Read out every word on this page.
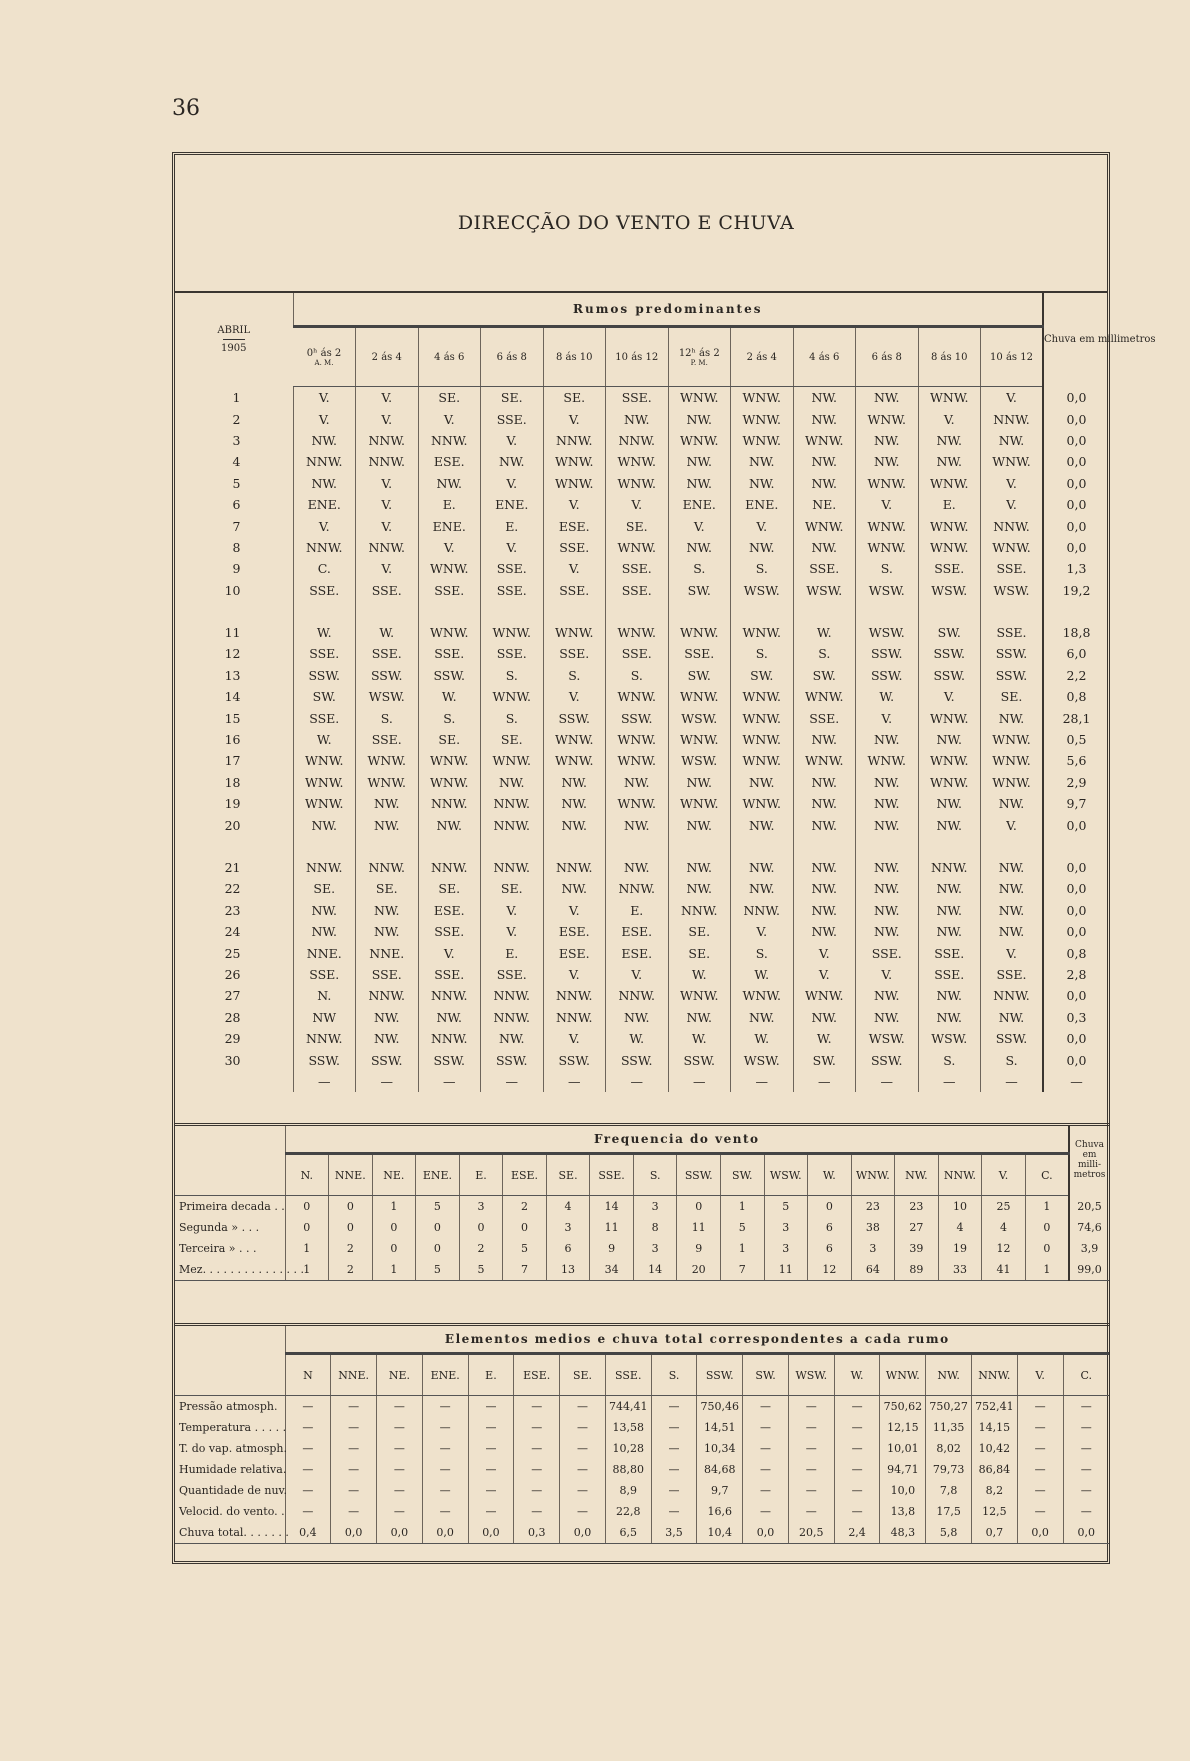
36
DIRECÇÃO DO VENTO E CHUVA
ABRIL
1905	Rumos predominantes												Chuva em millimetros
	0ʰ ás 2
A. M.	2 ás 4	4 ás 6	6 ás 8	8 ás 10	10 ás 12	12ʰ ás 2
P. M.	2 ás 4	4 ás 6	6 ás 8	8 ás 10	10 ás 12	
1	V.	V.	SE.	SE.	SE.	SSE.	WNW.	WNW.	NW.	NW.	WNW.	V.	0,0
2	V.	V.	V.	SSE.	V.	NW.	NW.	WNW.	NW.	WNW.	V.	NNW.	0,0
3	NW.	NNW.	NNW.	V.	NNW.	NNW.	WNW.	WNW.	WNW.	NW.	NW.	NW.	0,0
4	NNW.	NNW.	ESE.	NW.	WNW.	WNW.	NW.	NW.	NW.	NW.	NW.	WNW.	0,0
5	NW.	V.	NW.	V.	WNW.	WNW.	NW.	NW.	NW.	WNW.	WNW.	V.	0,0
6	ENE.	V.	E.	ENE.	V.	V.	ENE.	ENE.	NE.	V.	E.	V.	0,0
7	V.	V.	ENE.	E.	ESE.	SE.	V.	V.	WNW.	WNW.	WNW.	NNW.	0,0
8	NNW.	NNW.	V.	V.	SSE.	WNW.	NW.	NW.	NW.	WNW.	WNW.	WNW.	0,0
9	C.	V.	WNW.	SSE.	V.	SSE.	S.	S.	SSE.	S.	SSE.	SSE.	1,3
10	SSE.	SSE.	SSE.	SSE.	SSE.	SSE.	SW.	WSW.	WSW.	WSW.	WSW.	WSW.	19,2

11	W.	W.	WNW.	WNW.	WNW.	WNW.	WNW.	WNW.	W.	WSW.	SW.	SSE.	18,8
12	SSE.	SSE.	SSE.	SSE.	SSE.	SSE.	SSE.	S.	S.	SSW.	SSW.	SSW.	6,0
13	SSW.	SSW.	SSW.	S.	S.	S.	SW.	SW.	SW.	SSW.	SSW.	SSW.	2,2
14	SW.	WSW.	W.	WNW.	V.	WNW.	WNW.	WNW.	WNW.	W.	V.	SE.	0,8
15	SSE.	S.	S.	S.	SSW.	SSW.	WSW.	WNW.	SSE.	V.	WNW.	NW.	28,1
16	W.	SSE.	SE.	SE.	WNW.	WNW.	WNW.	WNW.	NW.	NW.	NW.	WNW.	0,5
17	WNW.	WNW.	WNW.	WNW.	WNW.	WNW.	WSW.	WNW.	WNW.	WNW.	WNW.	WNW.	5,6
18	WNW.	WNW.	WNW.	NW.	NW.	NW.	NW.	NW.	NW.	NW.	WNW.	WNW.	2,9
19	WNW.	NW.	NNW.	NNW.	NW.	WNW.	WNW.	WNW.	NW.	NW.	NW.	NW.	9,7
20	NW.	NW.	NW.	NNW.	NW.	NW.	NW.	NW.	NW.	NW.	NW.	V.	0,0

21	NNW.	NNW.	NNW.	NNW.	NNW.	NW.	NW.	NW.	NW.	NW.	NNW.	NW.	0,0
22	SE.	SE.	SE.	SE.	NW.	NNW.	NW.	NW.	NW.	NW.	NW.	NW.	0,0
23	NW.	NW.	ESE.	V.	V.	E.	NNW.	NNW.	NW.	NW.	NW.	NW.	0,0
24	NW.	NW.	SSE.	V.	ESE.	ESE.	SE.	V.	NW.	NW.	NW.	NW.	0,0
25	NNE.	NNE.	V.	E.	ESE.	ESE.	SE.	S.	V.	SSE.	SSE.	V.	0,8
26	SSE.	SSE.	SSE.	SSE.	V.	V.	W.	W.	V.	V.	SSE.	SSE.	2,8
27	N.	NNW.	NNW.	NNW.	NNW.	NNW.	WNW.	WNW.	WNW.	NW.	NW.	NNW.	0,0
28	NW	NW.	NW.	NNW.	NNW.	NW.	NW.	NW.	NW.	NW.	NW.	NW.	0,3
29	NNW.	NW.	NNW.	NW.	V.	W.	W.	W.	W.	WSW.	WSW.	SSW.	0,0
30	SSW.	SSW.	SSW.	SSW.	SSW.	SSW.	SSW.	WSW.	SW.	SSW.	S.	S.	0,0
	—	—	—	—	—	—	—	—	—	—	—	—	—
	Frequencia do vento																		Chuva em milli- metros
	N.	NNE.	NE.	ENE.	E.	ESE.	SE.	SSE.	S.	SSW.	SW.	WSW.	W.	WNW.	NW.	NNW.	V.	C.	
Primeira decada . .	0	0	1	5	3	2	4	14	3	0	1	5	0	23	23	10	25	1	20,5
Segunda » . . .	0	0	0	0	0	0	3	11	8	11	5	3	6	38	27	4	4	0	74,6
Terceira » . . .	1	2	0	0	2	5	6	9	3	9	1	3	6	3	39	19	12	0	3,9
Mez. . . . . . . . . . . . . . .	1	2	1	5	5	7	13	34	14	20	7	11	12	64	89	33	41	1	99,0
	Elementos medios e chuva total correspondentes a cada rumo																	
	N	NNE.	NE.	ENE.	E.	ESE.	SE.	SSE.	S.	SSW.	SW.	WSW.	W.	WNW.	NW.	NNW.	V.	C.
Pressão atmosph.	—	—	—	—	—	—	—	744,41	—	750,46	—	—	—	750,62	750,27	752,41	—	—
Temperatura . . . . .	—	—	—	—	—	—	—	13,58	—	14,51	—	—	—	12,15	11,35	14,15	—	—
T. do vap. atmosph.	—	—	—	—	—	—	—	10,28	—	10,34	—	—	—	10,01	8,02	10,42	—	—
Humidade relativa.	—	—	—	—	—	—	—	88,80	—	84,68	—	—	—	94,71	79,73	86,84	—	—
Quantidade de nuv.	—	—	—	—	—	—	—	8,9	—	9,7	—	—	—	10,0	7,8	8,2	—	—
Velocid. do vento. .	—	—	—	—	—	—	—	22,8	—	16,6	—	—	—	13,8	17,5	12,5	—	—
Chuva total. . . . . . .	0,4	0,0	0,0	0,0	0,0	0,3	0,0	6,5	3,5	10,4	0,0	20,5	2,4	48,3	5,8	0,7	0,0	0,0
